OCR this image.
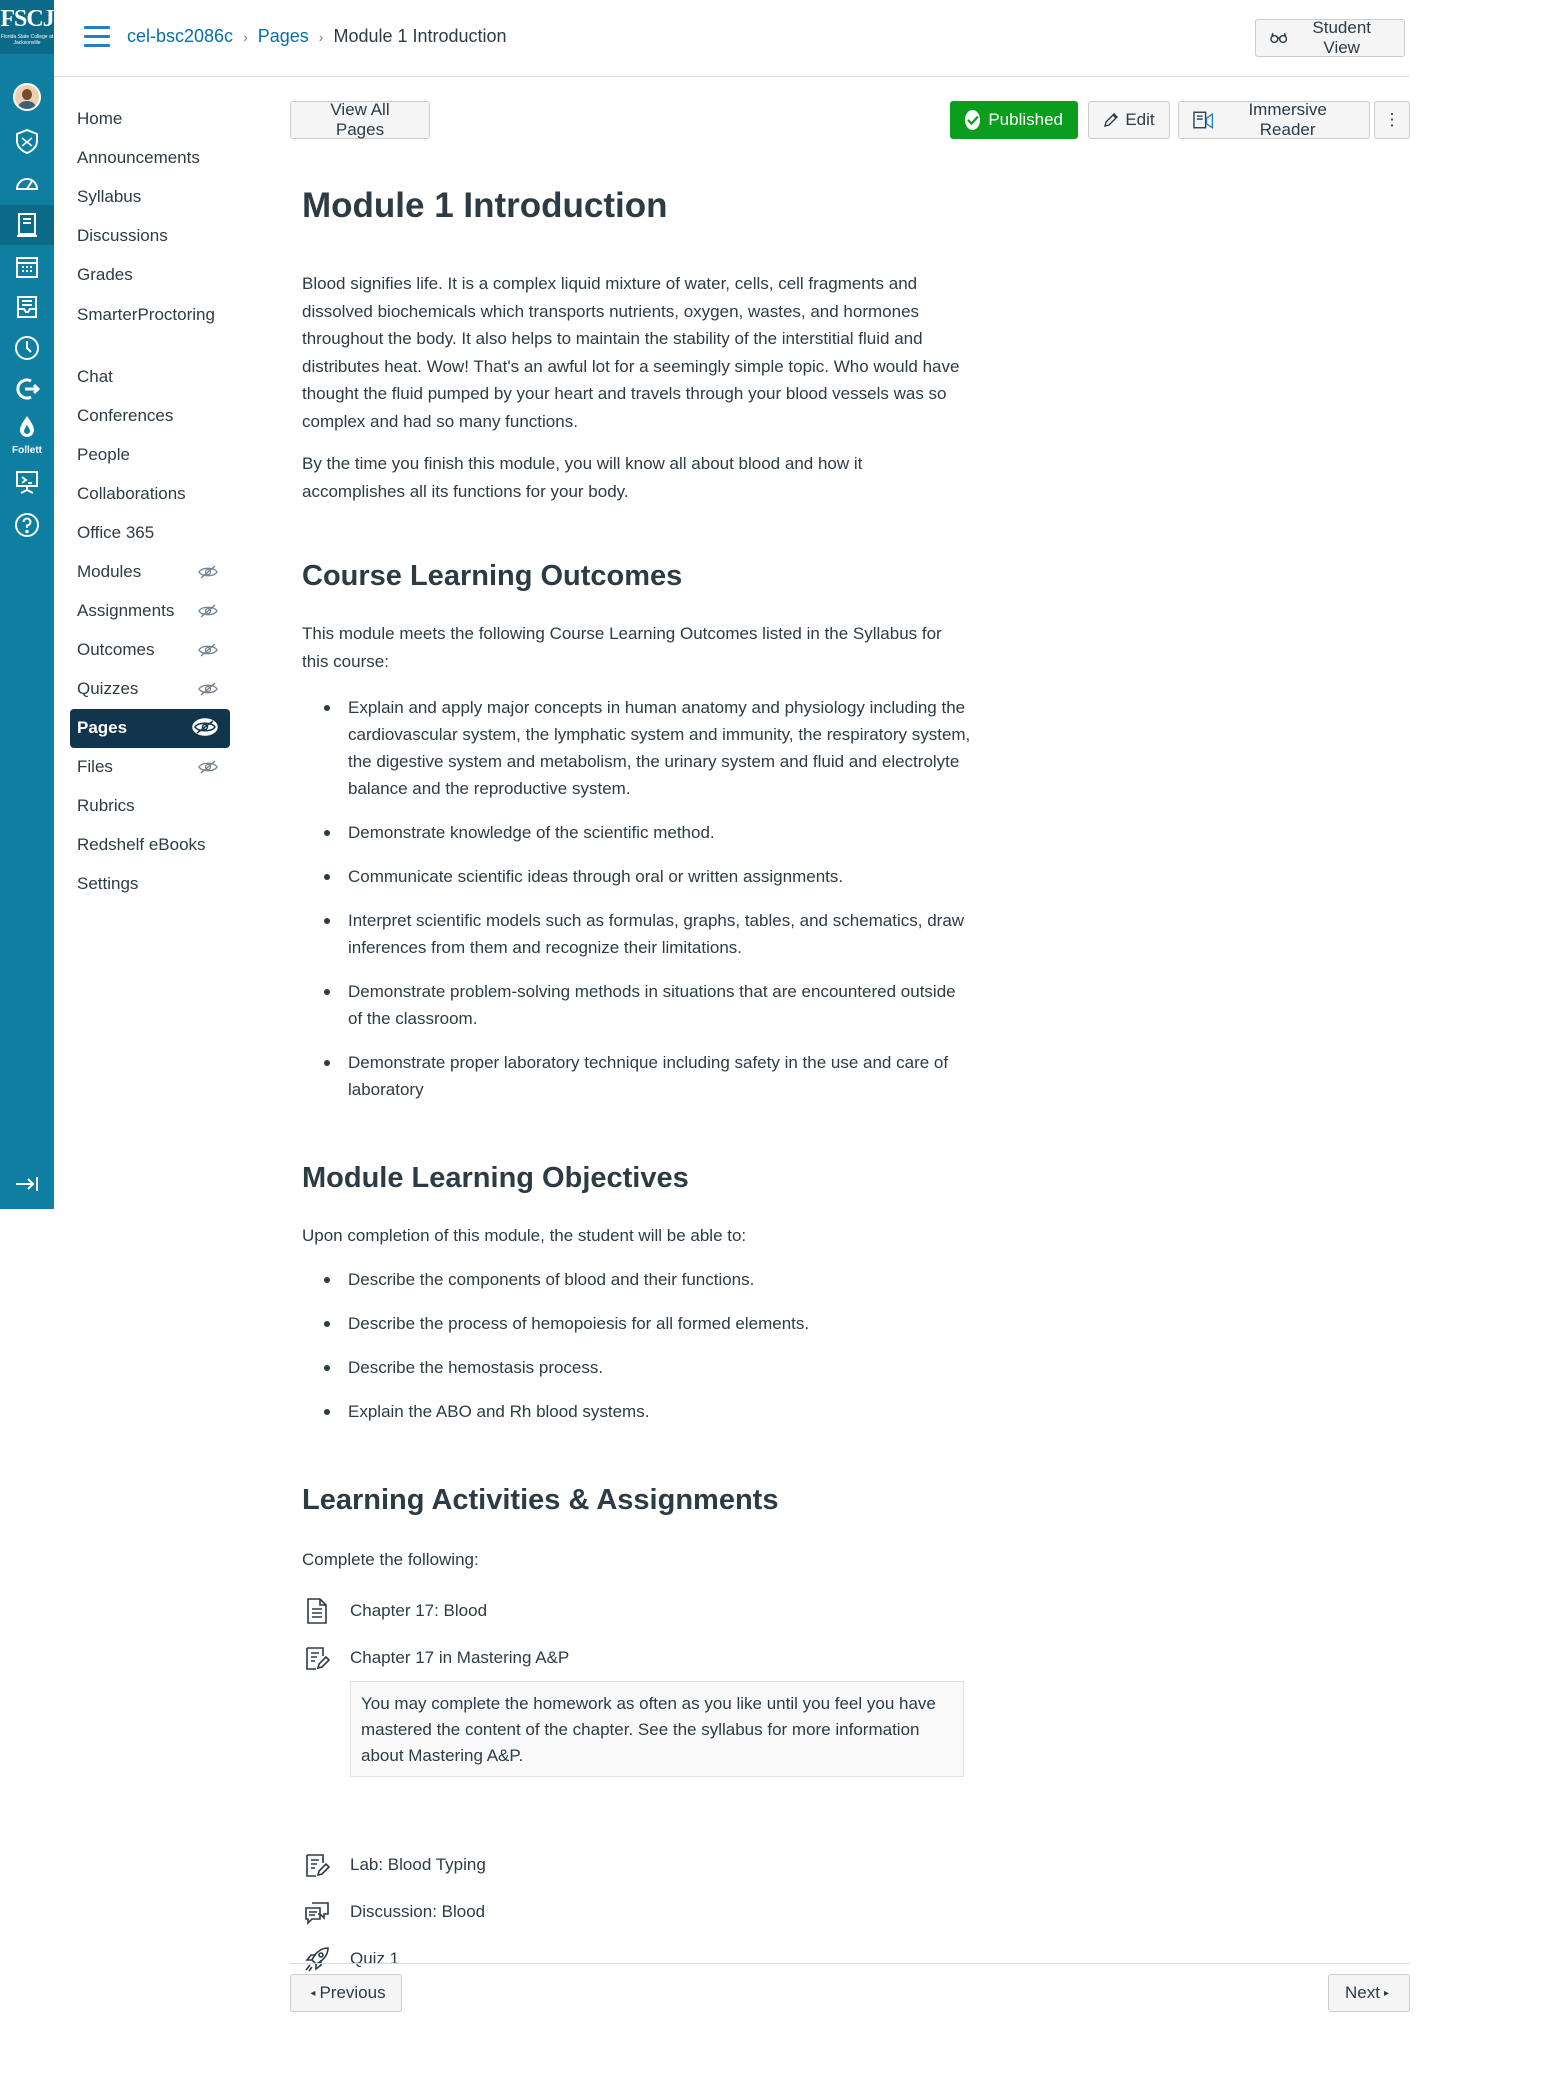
FSCJ
Florida State College at Jacksonville
Follett
cel-bsc2086c › Pages › Module 1 Introduction	Student View
Home
Announcements
Syllabus
Discussions
Grades
SmarterProctoring
Chat
Conferences
People
Collaborations
Office 365
Modules
Assignments
Outcomes
Quizzes
Pages
Files
Rubrics
Redshelf eBooks
Settings
View All Pages
Published	Edit
Immersive Reader
⋮
Module 1 Introduction

Blood signifies life. It is a complex liquid mixture of water, cells, cell fragments and dissolved biochemicals which transports nutrients, oxygen, wastes, and hormones throughout the body. It also helps to maintain the stability of the interstitial fluid and distributes heat. Wow! That's an awful lot for a seemingly simple topic. Who would have thought the fluid pumped by your heart and travels through your blood vessels was so complex and had so many functions.

By the time you finish this module, you will know all about blood and how it accomplishes all its functions for your body.

Course Learning Outcomes

This module meets the following Course Learning Outcomes listed in the Syllabus for this course:

Explain and apply major concepts in human anatomy and physiology including the cardiovascular system, the lymphatic system and immunity, the respiratory system, the digestive system and metabolism, the urinary system and fluid and electrolyte balance and the reproductive system.
Demonstrate knowledge of the scientific method.
Communicate scientific ideas through oral or written assignments.
Interpret scientific models such as formulas, graphs, tables, and schematics, draw inferences from them and recognize their limitations.
Demonstrate problem-solving methods in situations that are encountered outside of the classroom.
Demonstrate proper laboratory technique including safety in the use and care of laboratory
Module Learning Objectives

Upon completion of this module, the student will be able to:

Describe the components of blood and their functions.
Describe the process of hemopoiesis for all formed elements.
Describe the hemostasis process.
Explain the ABO and Rh blood systems.
Learning Activities & Assignments

Complete the following:

Chapter 17: Blood
Chapter 17 in Mastering A&P
You may complete the homework as often as you like until you feel you have mastered the content of the chapter. See the syllabus for more information about Mastering A&P.
Lab: Blood Typing
Discussion: Blood
Quiz 1
◂ Previous	Next ▸
